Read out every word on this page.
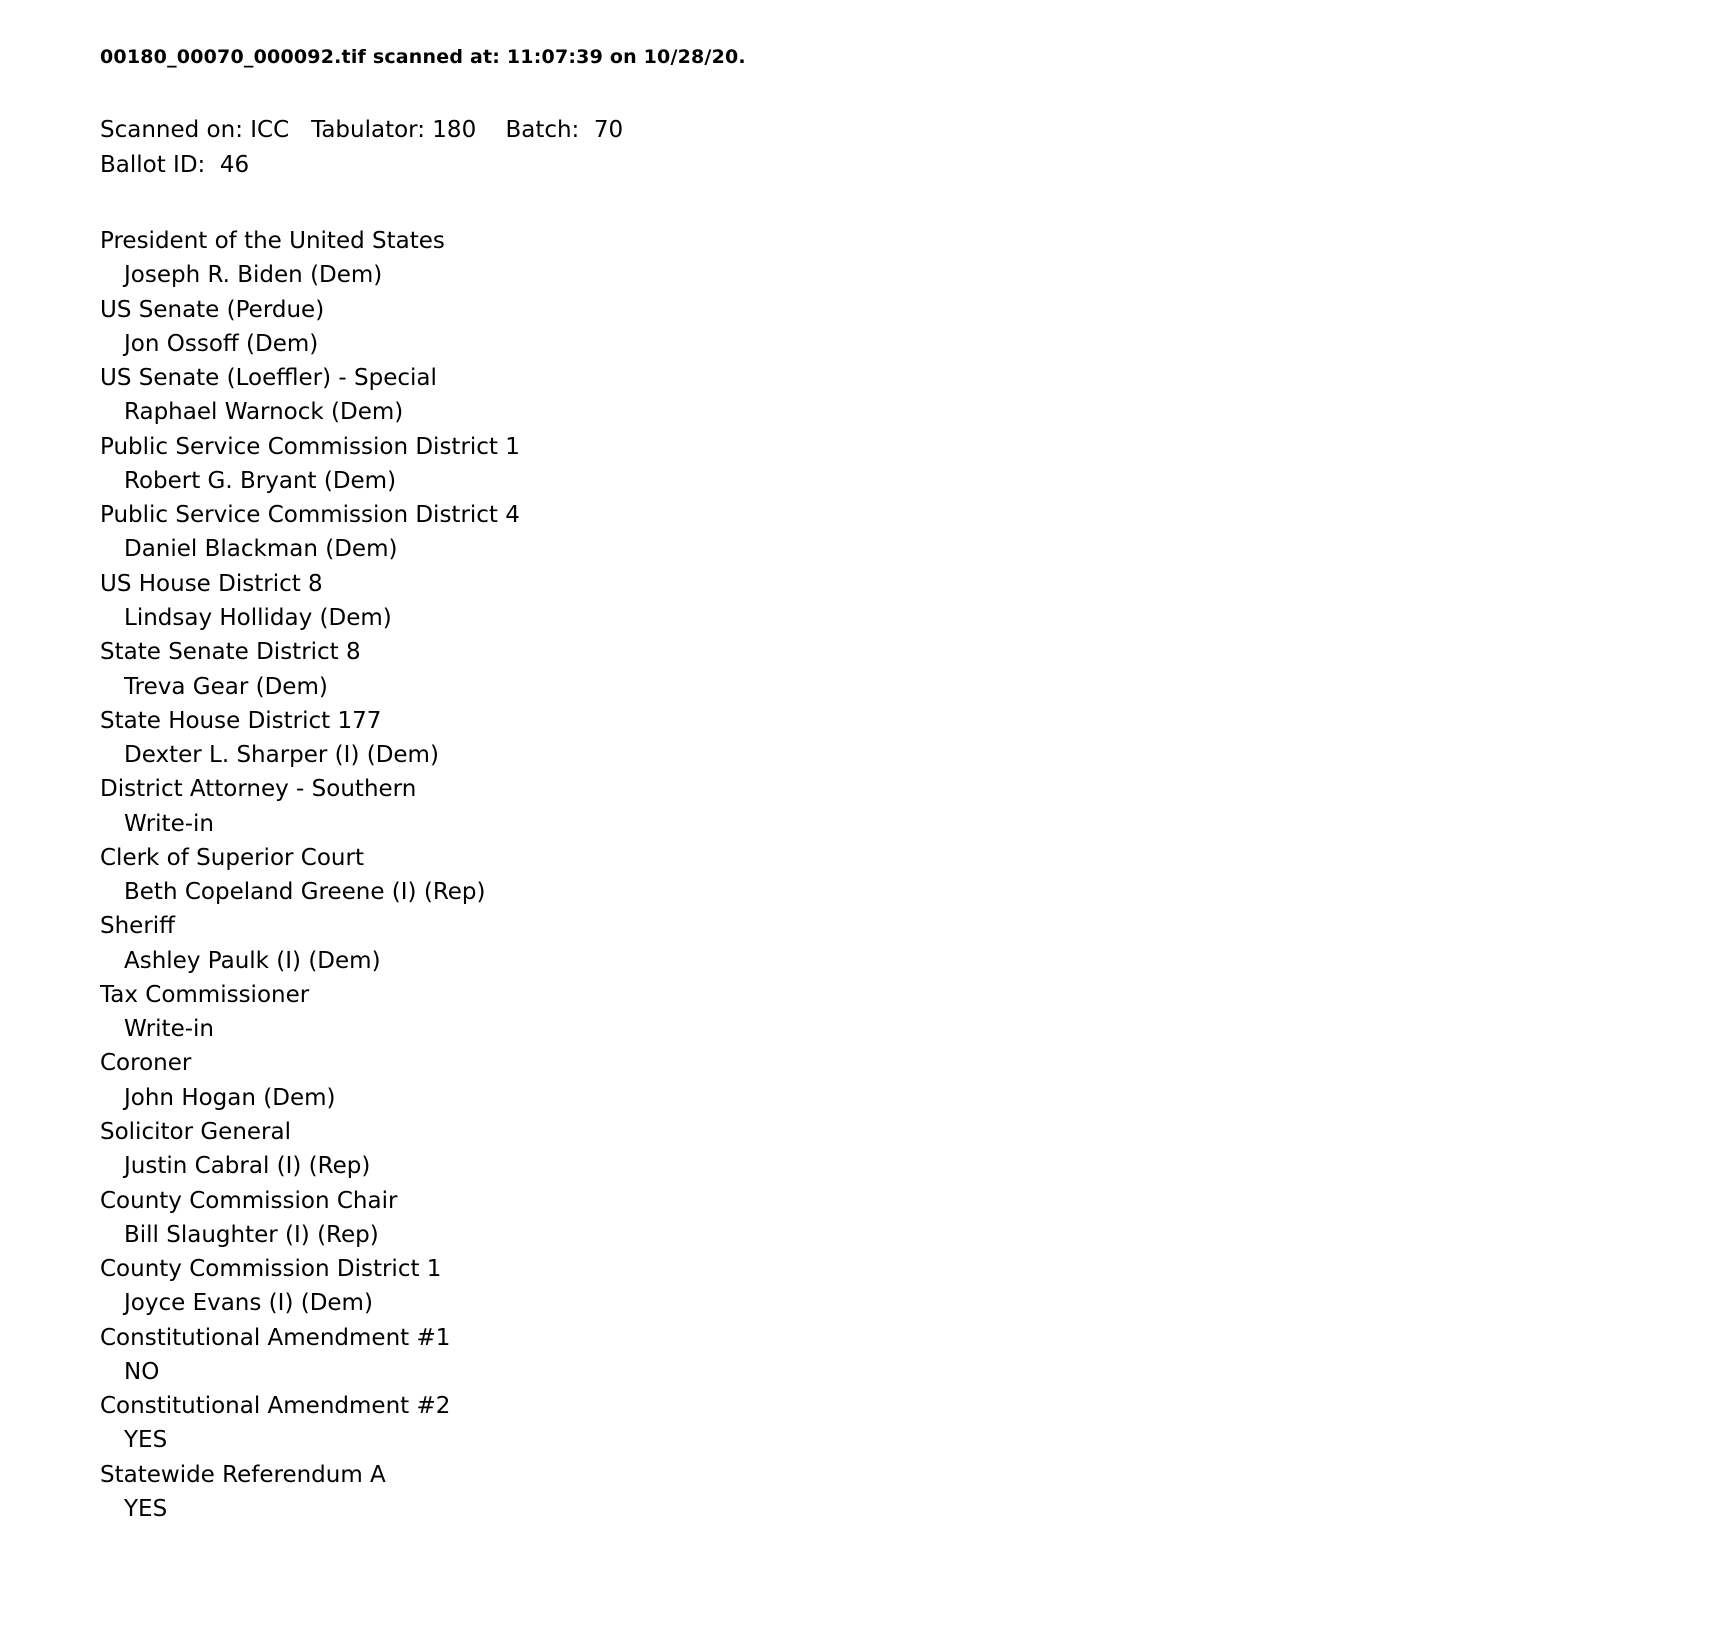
00180_00070_000092.tif scanned at: 11:07:39 on 10/28/20.
Scanned on: ICC   Tabulator: 180    Batch:  70
Ballot ID:  46
President of the United States
Joseph R. Biden (Dem)
US Senate (Perdue)
Jon Ossoff (Dem)
US Senate (Loeffler) - Special
Raphael Warnock (Dem)
Public Service Commission District 1
Robert G. Bryant (Dem)
Public Service Commission District 4
Daniel Blackman (Dem)
US House District 8
Lindsay Holliday (Dem)
State Senate District 8
Treva Gear (Dem)
State House District 177
Dexter L. Sharper (I) (Dem)
District Attorney - Southern
Write-in
Clerk of Superior Court
Beth Copeland Greene (I) (Rep)
Sheriff
Ashley Paulk (I) (Dem)
Tax Commissioner
Write-in
Coroner
John Hogan (Dem)
Solicitor General
Justin Cabral (I) (Rep)
County Commission Chair
Bill Slaughter (I) (Rep)
County Commission District 1
Joyce Evans (I) (Dem)
Constitutional Amendment #1
NO
Constitutional Amendment #2
YES
Statewide Referendum A
YES
